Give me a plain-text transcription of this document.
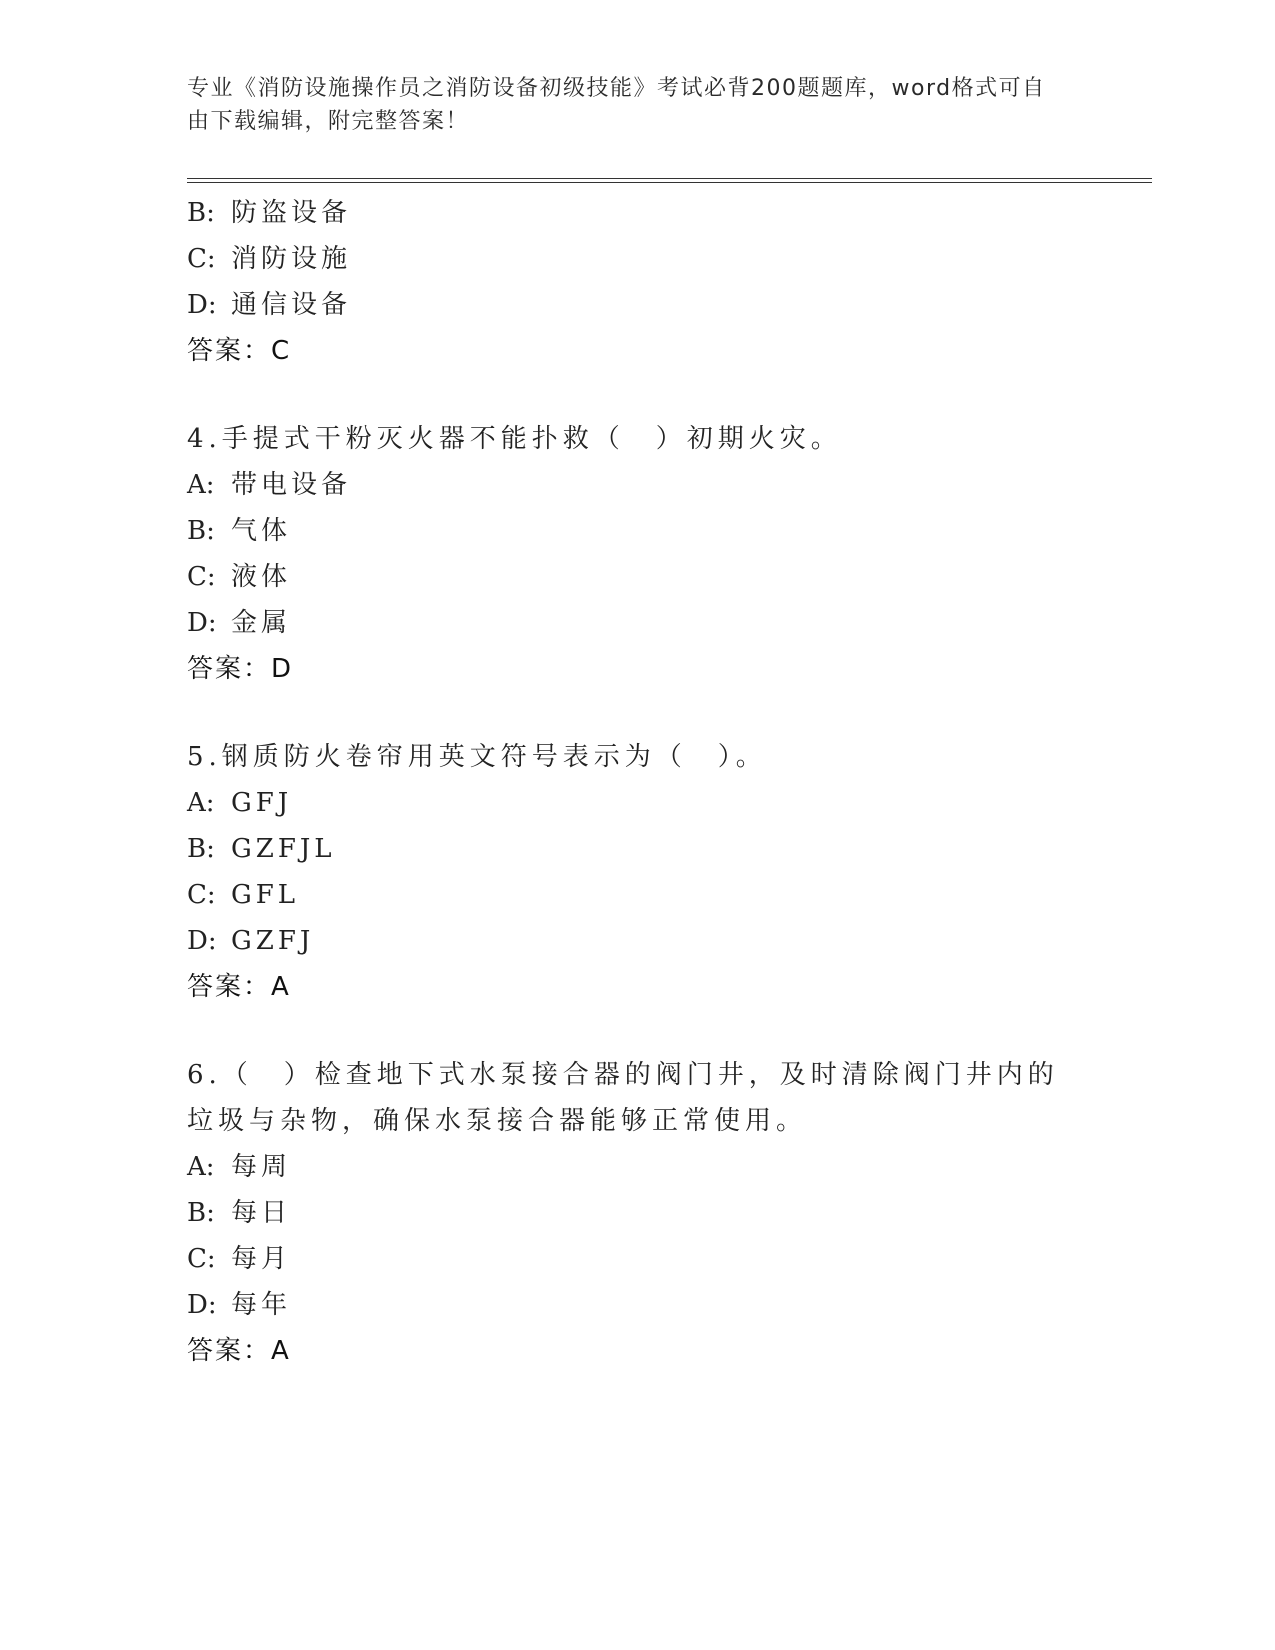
专业《消防设施操作员之消防设备初级技能》考试必背200题题库，word格式可自由下载编辑，附完整答案！
B: 防盗设备
C: 消防设施
D: 通信设备
答案：C
4.手提式干粉灭火器不能扑救（　）初期火灾。
A: 带电设备
B: 气体
C: 液体
D: 金属
答案：D
5.钢质防火卷帘用英文符号表示为（　）。
A: GFJ
B: GZFJL
C: GFL
D: GZFJ
答案：A
6.（　）检查地下式水泵接合器的阀门井，及时清除阀门井内的垃圾与杂物，确保水泵接合器能够正常使用。
A: 每周
B: 每日
C: 每月
D: 每年
答案：A
